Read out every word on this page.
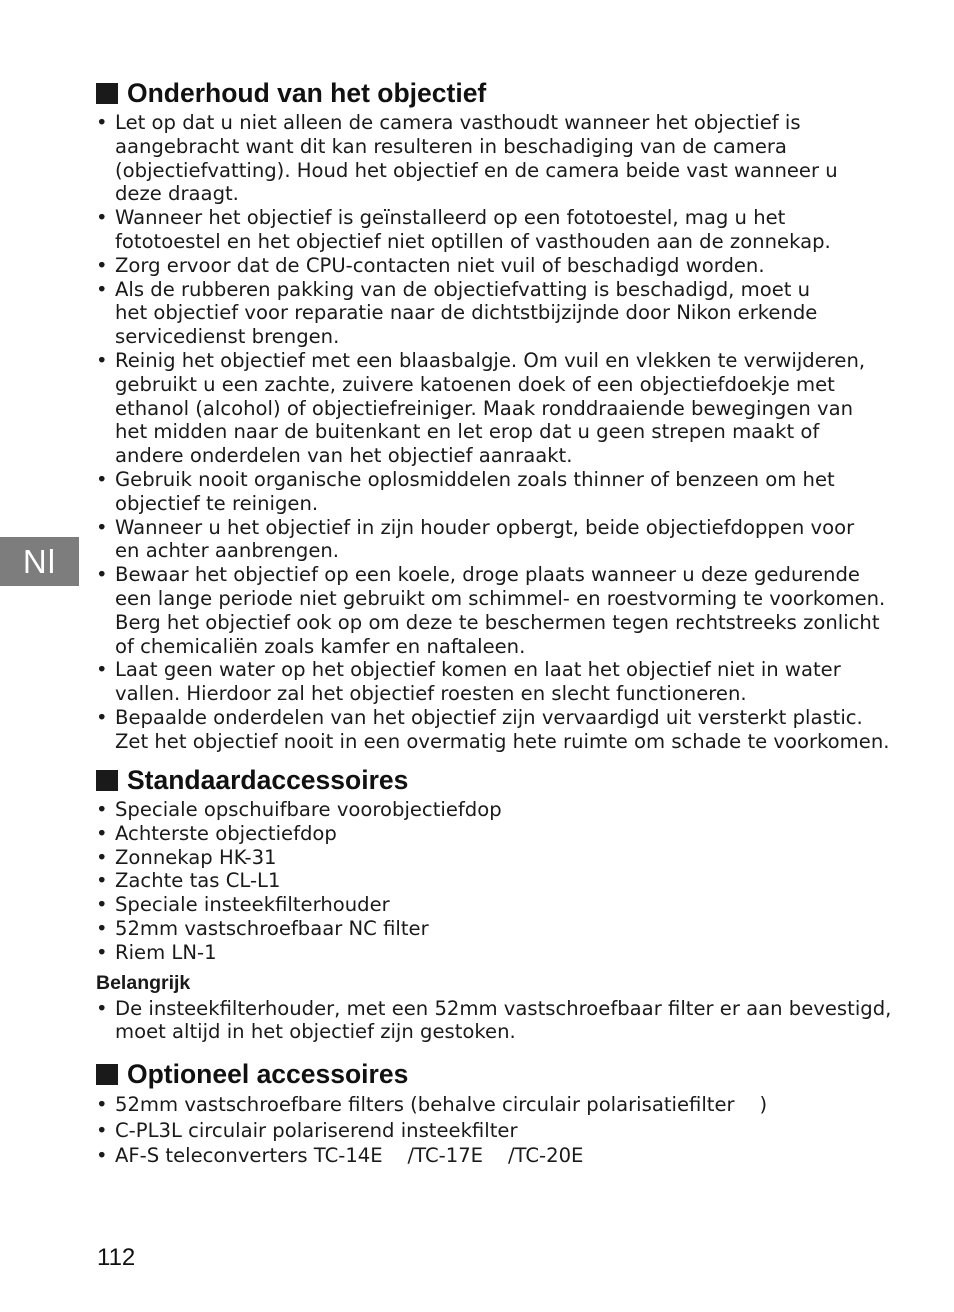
Nl
Onderhoud van het objectief
• Let op dat u niet alleen de camera vasthoudt wanneer het objectief is
aangebracht want dit kan resulteren in beschadiging van de camera
(objectiefvatting). Houd het objectief en de camera beide vast wanneer u
deze draagt.
• Wanneer het objectief is geïnstalleerd op een fototoestel, mag u het
fototoestel en het objectief niet optillen of vasthouden aan de zonnekap.
• Zorg ervoor dat de CPU-contacten niet vuil of beschadigd worden.
• Als de rubberen pakking van de objectiefvatting is beschadigd, moet u
het objectief voor reparatie naar de dichtstbijzijnde door Nikon erkende
servicedienst brengen.
• Reinig het objectief met een blaasbalgje. Om vuil en vlekken te verwijderen,
gebruikt u een zachte, zuivere katoenen doek of een objectiefdoekje met
ethanol (alcohol) of objectiefreiniger. Maak ronddraaiende bewegingen van
het midden naar de buitenkant en let erop dat u geen strepen maakt of
andere onderdelen van het objectief aanraakt.
• Gebruik nooit organische oplosmiddelen zoals thinner of benzeen om het
objectief te reinigen.
• Wanneer u het objectief in zijn houder opbergt, beide objectiefdoppen voor
en achter aanbrengen.
• Bewaar het objectief op een koele, droge plaats wanneer u deze gedurende
een lange periode niet gebruikt om schimmel- en roestvorming te voorkomen.
Berg het objectief ook op om deze te beschermen tegen rechtstreeks zonlicht
of chemicaliën zoals kamfer en naftaleen.
• Laat geen water op het objectief komen en laat het objectief niet in water
vallen. Hierdoor zal het objectief roesten en slecht functioneren.
• Bepaalde onderdelen van het objectief zijn vervaardigd uit versterkt plastic.
Zet het objectief nooit in een overmatig hete ruimte om schade te voorkomen.
Standaardaccessoires
• Speciale opschuifbare voorobjectiefdop
• Achterste objectiefdop
• Zonnekap HK-31
• Zachte tas CL-L1
• Speciale insteekfilterhouder
• 52mm vastschroefbaar NC filter
• Riem LN-1
Belangrijk
• De insteekfilterhouder, met een 52mm vastschroefbaar filter er aan bevestigd,
moet altijd in het objectief zijn gestoken.
Optioneel accessoires
• 52mm vastschroefbare filters (behalve circulair polarisatiefilter    )
• C-PL3L circulair polariserend insteekfilter
• AF-S teleconverters TC-14E    /TC-17E    /TC-20E
112
